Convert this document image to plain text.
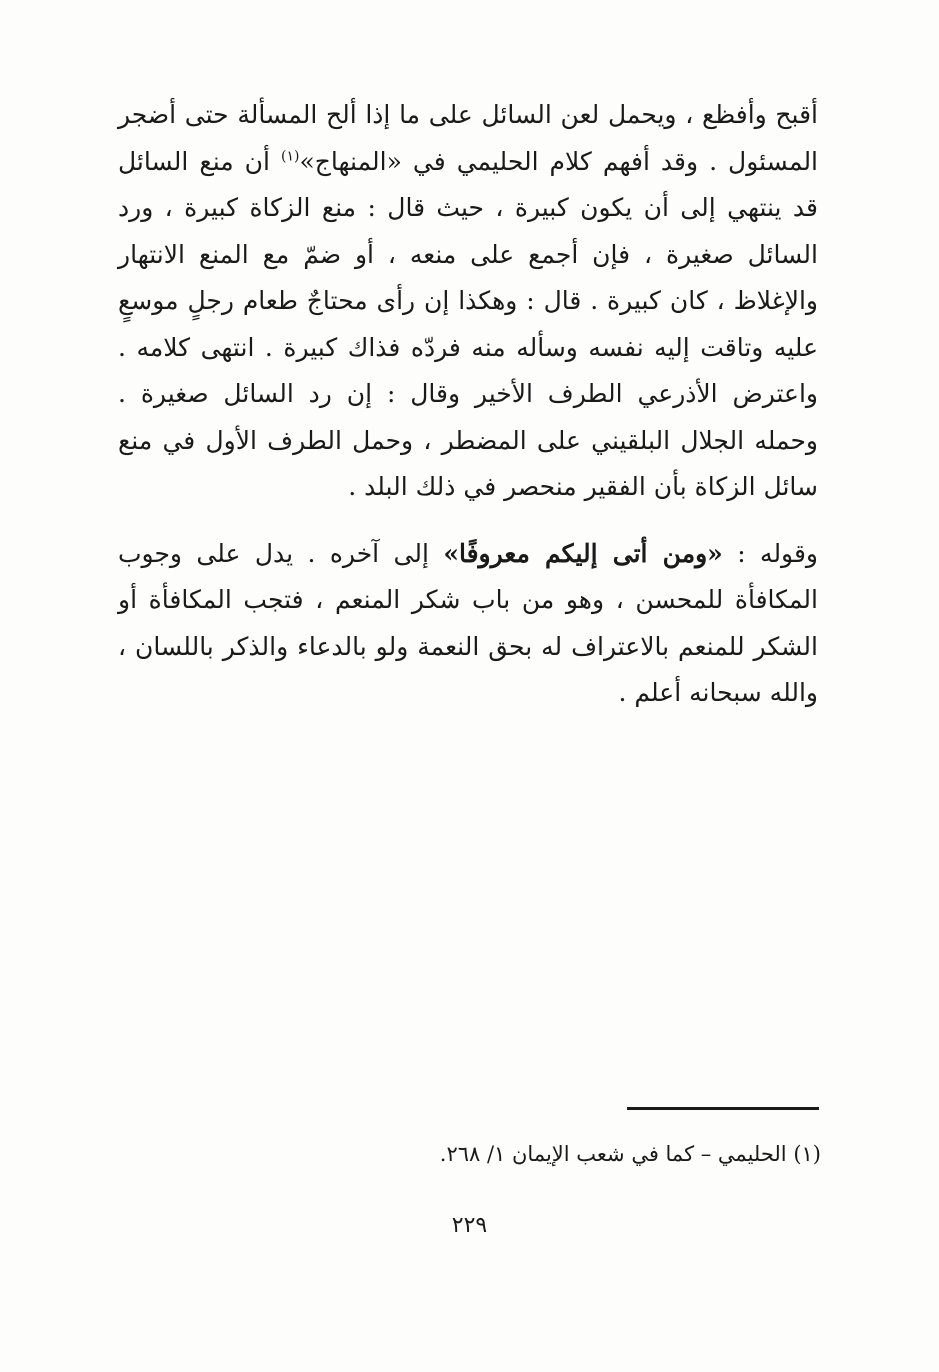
أقبح وأفظع ، ويحمل لعن السائل على ما إذا ألح المسألة حتى أضجر المسئول . وقد أفهم كلام الحليمي في «المنهاج»$^{(١)}$ أن منع السائل قد ينتهي إلى أن يكون كبيرة ، حيث قال : منع الزكاة كبيرة ، ورد السائل صغيرة ، فإن أجمع على منعه ، أو ضمّ مع المنع الانتهار والإغلاظ ، كان كبيرة . قال : وهكذا إن رأى محتاجٌ طعام رجلٍ موسعٍ عليه وتاقت إليه نفسه وسأله منه فردّه فذاك كبيرة . انتهى كلامه . واعترض الأذرعي الطرف الأخير وقال : إن رد السائل صغيرة . وحمله الجلال البلقيني على المضطر ، وحمل الطرف الأول في منع سائل الزكاة بأن الفقير منحصر في ذلك البلد .

وقوله : «ومن أتى إليكم معروفًا» إلى آخره . يدل على وجوب المكافأة للمحسن ، وهو من باب شكر المنعم ، فتجب المكافأة أو الشكر للمنعم بالاعتراف له بحق النعمة ولو بالدعاء والذكر باللسان ، والله سبحانه أعلم .

(١) الحليمي – كما في شعب الإيمان ١/ ٢٦٨.

٢٢٩
